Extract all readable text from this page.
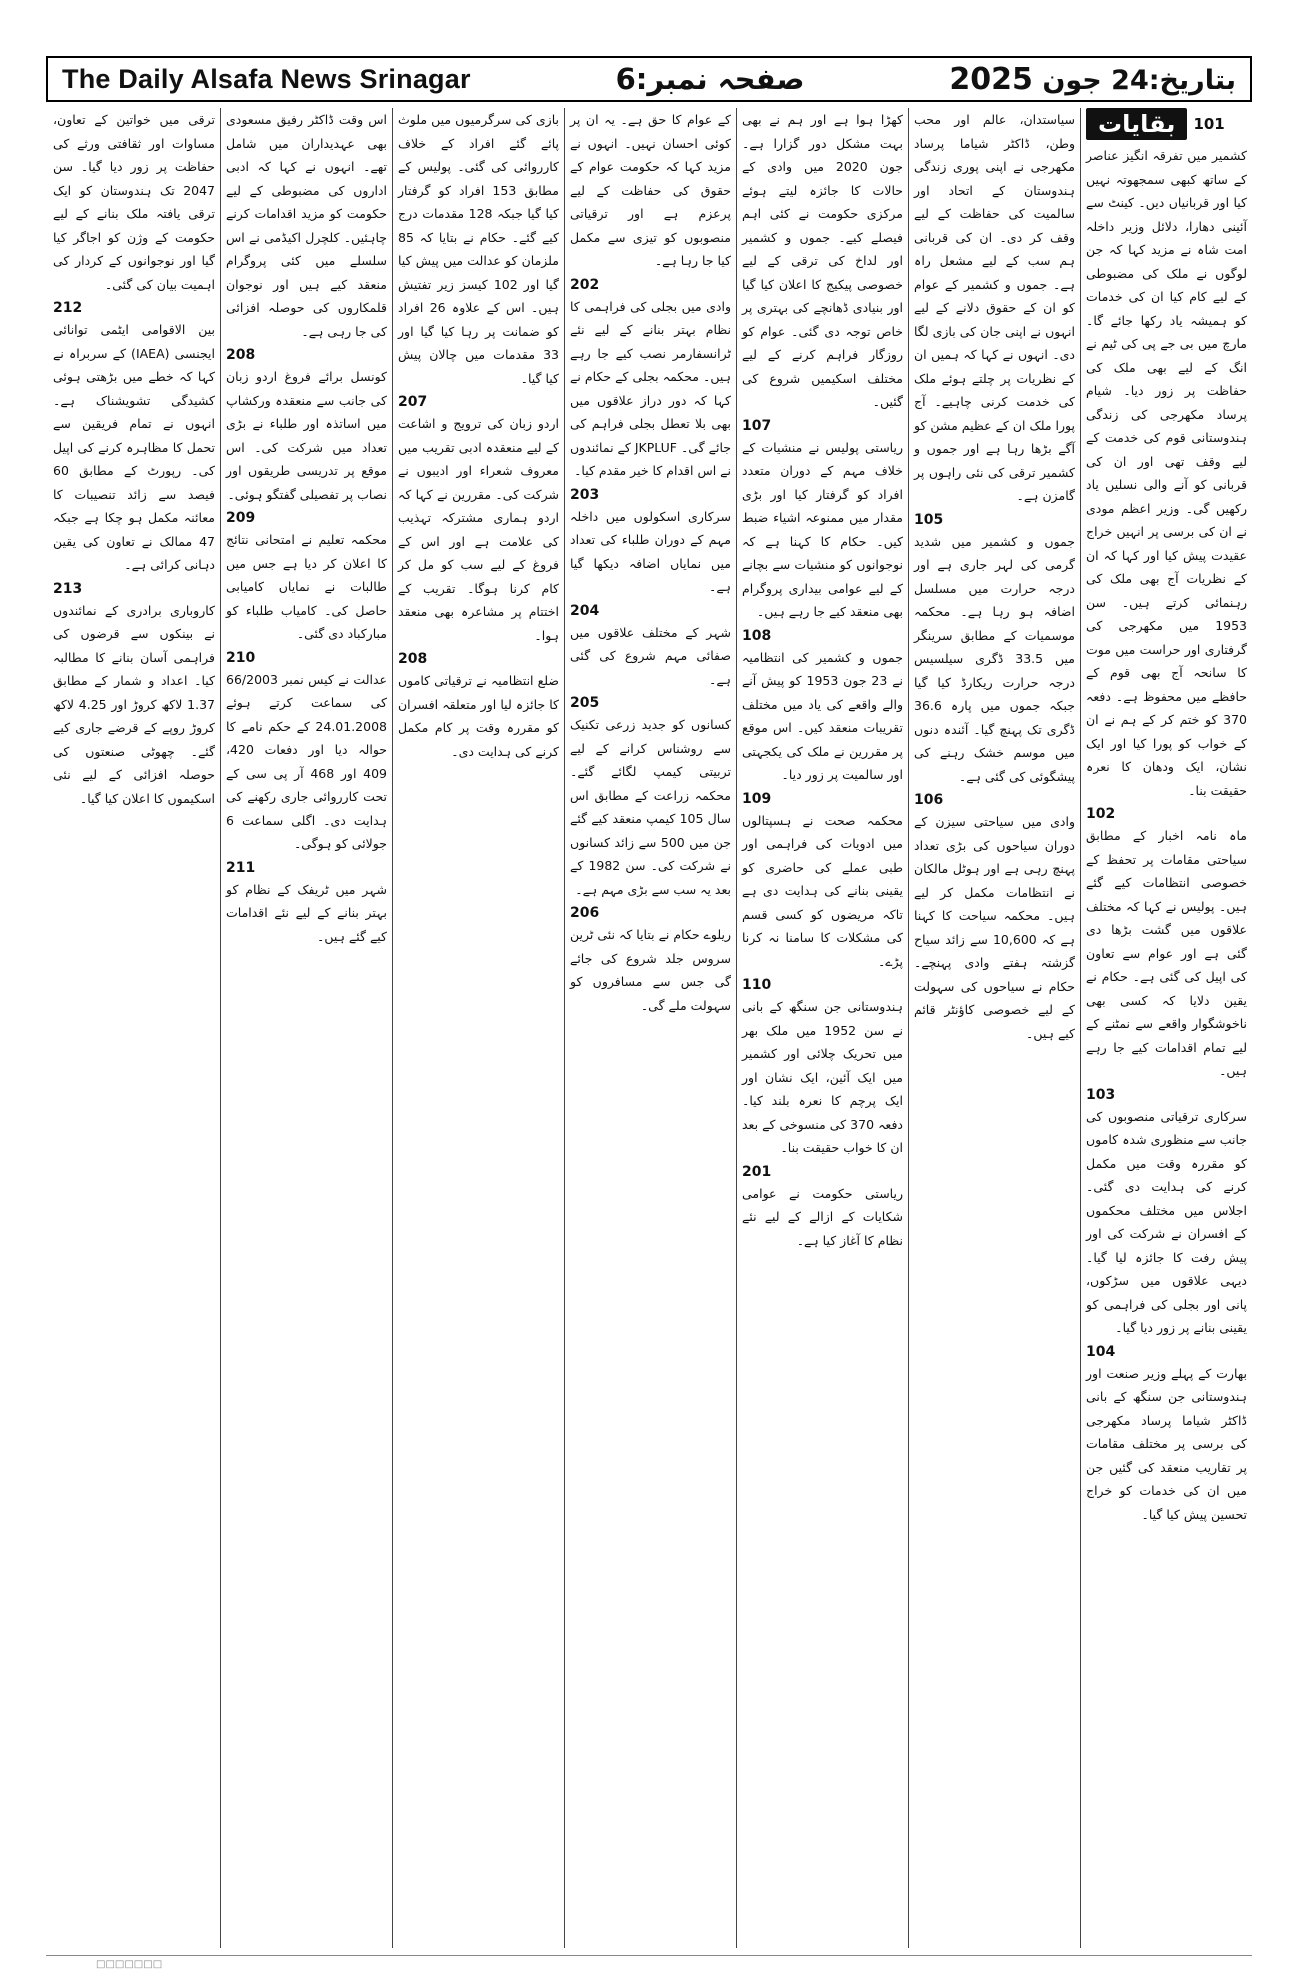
The Daily Alsafa News Srinagar	صفحہ نمبر:6	بتاریخ:24 جون 2025
بقایات	101

کشمیر میں تفرقہ انگیز عناصر کے ساتھ کبھی سمجھوتہ نہیں کیا اور قربانیاں دیں۔ کینٹ سے آئینی دھارا، دلائل وزیر داخلہ امت شاہ نے مزید کہا کہ جن لوگوں نے ملک کی مضبوطی کے لیے کام کیا ان کی خدمات کو ہمیشہ یاد رکھا جائے گا۔ مارچ میں بی جے پی کی ٹیم نے انگ کے لیے بھی ملک کی حفاظت پر زور دیا۔ شیام پرساد مکھرجی کی زندگی ہندوستانی قوم کی خدمت کے لیے وقف تھی اور ان کی قربانی کو آنے والی نسلیں یاد رکھیں گی۔ وزیر اعظم مودی نے ان کی برسی پر انہیں خراج عقیدت پیش کیا اور کہا کہ ان کے نظریات آج بھی ملک کی رہنمائی کرتے ہیں۔ سن 1953 میں مکھرجی کی گرفتاری اور حراست میں موت کا سانحہ آج بھی قوم کے حافظے میں محفوظ ہے۔ دفعہ 370 کو ختم کر کے ہم نے ان کے خواب کو پورا کیا اور ایک نشان، ایک ودھان کا نعرہ حقیقت بنا۔

102

ماہ نامہ اخبار کے مطابق سیاحتی مقامات پر تحفظ کے خصوصی انتظامات کیے گئے ہیں۔ پولیس نے کہا کہ مختلف علاقوں میں گشت بڑھا دی گئی ہے اور عوام سے تعاون کی اپیل کی گئی ہے۔ حکام نے یقین دلایا کہ کسی بھی ناخوشگوار واقعے سے نمٹنے کے لیے تمام اقدامات کیے جا رہے ہیں۔

103

سرکاری ترقیاتی منصوبوں کی جانب سے منظوری شدہ کاموں کو مقررہ وقت میں مکمل کرنے کی ہدایت دی گئی۔ اجلاس میں مختلف محکموں کے افسران نے شرکت کی اور پیش رفت کا جائزہ لیا گیا۔ دیہی علاقوں میں سڑکوں، پانی اور بجلی کی فراہمی کو یقینی بنانے پر زور دیا گیا۔

104

بھارت کے پہلے وزیر صنعت اور ہندوستانی جن سنگھ کے بانی ڈاکٹر شیاما پرساد مکھرجی کی برسی پر مختلف مقامات پر تقاریب منعقد کی گئیں جن میں ان کی خدمات کو خراج تحسین پیش کیا گیا۔

سیاستدان، عالم اور محب وطن، ڈاکٹر شیاما پرساد مکھرجی نے اپنی پوری زندگی ہندوستان کے اتحاد اور سالمیت کی حفاظت کے لیے وقف کر دی۔ ان کی قربانی ہم سب کے لیے مشعل راہ ہے۔ جموں و کشمیر کے عوام کو ان کے حقوق دلانے کے لیے انہوں نے اپنی جان کی بازی لگا دی۔ انہوں نے کہا کہ ہمیں ان کے نظریات پر چلتے ہوئے ملک کی خدمت کرنی چاہیے۔ آج پورا ملک ان کے عظیم مشن کو آگے بڑھا رہا ہے اور جموں و کشمیر ترقی کی نئی راہوں پر گامزن ہے۔

105

جموں و کشمیر میں شدید گرمی کی لہر جاری ہے اور درجہ حرارت میں مسلسل اضافہ ہو رہا ہے۔ محکمہ موسمیات کے مطابق سرینگر میں 33.5 ڈگری سیلسیس درجہ حرارت ریکارڈ کیا گیا جبکہ جموں میں پارہ 36.6 ڈگری تک پہنچ گیا۔ آئندہ دنوں میں موسم خشک رہنے کی پیشگوئی کی گئی ہے۔

106

وادی میں سیاحتی سیزن کے دوران سیاحوں کی بڑی تعداد پہنچ رہی ہے اور ہوٹل مالکان نے انتظامات مکمل کر لیے ہیں۔ محکمہ سیاحت کا کہنا ہے کہ 10,600 سے زائد سیاح گزشتہ ہفتے وادی پہنچے۔ حکام نے سیاحوں کی سہولت کے لیے خصوصی کاؤنٹر قائم کیے ہیں۔

کھڑا ہوا ہے اور ہم نے بھی بہت مشکل دور گزارا ہے۔ جون 2020 میں وادی کے حالات کا جائزہ لیتے ہوئے مرکزی حکومت نے کئی اہم فیصلے کیے۔ جموں و کشمیر اور لداخ کی ترقی کے لیے خصوصی پیکیج کا اعلان کیا گیا اور بنیادی ڈھانچے کی بہتری پر خاص توجہ دی گئی۔ عوام کو روزگار فراہم کرنے کے لیے مختلف اسکیمیں شروع کی گئیں۔

107

ریاستی پولیس نے منشیات کے خلاف مہم کے دوران متعدد افراد کو گرفتار کیا اور بڑی مقدار میں ممنوعہ اشیاء ضبط کیں۔ حکام کا کہنا ہے کہ نوجوانوں کو منشیات سے بچانے کے لیے عوامی بیداری پروگرام بھی منعقد کیے جا رہے ہیں۔

108

جموں و کشمیر کی انتظامیہ نے 23 جون 1953 کو پیش آنے والے واقعے کی یاد میں مختلف تقریبات منعقد کیں۔ اس موقع پر مقررین نے ملک کی یکجہتی اور سالمیت پر زور دیا۔

109

محکمہ صحت نے ہسپتالوں میں ادویات کی فراہمی اور طبی عملے کی حاضری کو یقینی بنانے کی ہدایت دی ہے تاکہ مریضوں کو کسی قسم کی مشکلات کا سامنا نہ کرنا پڑے۔

110

ہندوستانی جن سنگھ کے بانی نے سن 1952 میں ملک بھر میں تحریک چلائی اور کشمیر میں ایک آئین، ایک نشان اور ایک پرچم کا نعرہ بلند کیا۔ دفعہ 370 کی منسوخی کے بعد ان کا خواب حقیقت بنا۔

201

ریاستی حکومت نے عوامی شکایات کے ازالے کے لیے نئے نظام کا آغاز کیا ہے۔

کے عوام کا حق ہے۔ یہ ان پر کوئی احسان نہیں۔ انہوں نے مزید کہا کہ حکومت عوام کے حقوق کی حفاظت کے لیے پرعزم ہے اور ترقیاتی منصوبوں کو تیزی سے مکمل کیا جا رہا ہے۔

202

وادی میں بجلی کی فراہمی کا نظام بہتر بنانے کے لیے نئے ٹرانسفارمر نصب کیے جا رہے ہیں۔ محکمہ بجلی کے حکام نے کہا کہ دور دراز علاقوں میں بھی بلا تعطل بجلی فراہم کی جائے گی۔ JKPLUF کے نمائندوں نے اس اقدام کا خیر مقدم کیا۔

203

سرکاری اسکولوں میں داخلہ مہم کے دوران طلباء کی تعداد میں نمایاں اضافہ دیکھا گیا ہے۔

204

شہر کے مختلف علاقوں میں صفائی مہم شروع کی گئی ہے۔

205

کسانوں کو جدید زرعی تکنیک سے روشناس کرانے کے لیے تربیتی کیمپ لگائے گئے۔ محکمہ زراعت کے مطابق اس سال 105 کیمپ منعقد کیے گئے جن میں 500 سے زائد کسانوں نے شرکت کی۔ سن 1982 کے بعد یہ سب سے بڑی مہم ہے۔

206

ریلوے حکام نے بتایا کہ نئی ٹرین سروس جلد شروع کی جائے گی جس سے مسافروں کو سہولت ملے گی۔

بازی کی سرگرمیوں میں ملوث پائے گئے افراد کے خلاف کارروائی کی گئی۔ پولیس کے مطابق 153 افراد کو گرفتار کیا گیا جبکہ 128 مقدمات درج کیے گئے۔ حکام نے بتایا کہ 85 ملزمان کو عدالت میں پیش کیا گیا اور 102 کیسز زیر تفتیش ہیں۔ اس کے علاوہ 26 افراد کو ضمانت پر رہا کیا گیا اور 33 مقدمات میں چالان پیش کیا گیا۔

207

اردو زبان کی ترویج و اشاعت کے لیے منعقدہ ادبی تقریب میں معروف شعراء اور ادیبوں نے شرکت کی۔ مقررین نے کہا کہ اردو ہماری مشترکہ تہذیب کی علامت ہے اور اس کے فروغ کے لیے سب کو مل کر کام کرنا ہوگا۔ تقریب کے اختتام پر مشاعرہ بھی منعقد ہوا۔

208

ضلع انتظامیہ نے ترقیاتی کاموں کا جائزہ لیا اور متعلقہ افسران کو مقررہ وقت پر کام مکمل کرنے کی ہدایت دی۔

اس وقت ڈاکٹر رفیق مسعودی بھی عہدیداران میں شامل تھے۔ انہوں نے کہا کہ ادبی اداروں کی مضبوطی کے لیے حکومت کو مزید اقدامات کرنے چاہئیں۔ کلچرل اکیڈمی نے اس سلسلے میں کئی پروگرام منعقد کیے ہیں اور نوجوان قلمکاروں کی حوصلہ افزائی کی جا رہی ہے۔

208

کونسل برائے فروغ اردو زبان کی جانب سے منعقدہ ورکشاپ میں اساتذہ اور طلباء نے بڑی تعداد میں شرکت کی۔ اس موقع پر تدریسی طریقوں اور نصاب پر تفصیلی گفتگو ہوئی۔

209

محکمہ تعلیم نے امتحانی نتائج کا اعلان کر دیا ہے جس میں طالبات نے نمایاں کامیابی حاصل کی۔ کامیاب طلباء کو مبارکباد دی گئی۔

210

عدالت نے کیس نمبر 66/2003 کی سماعت کرتے ہوئے 24.01.2008 کے حکم نامے کا حوالہ دیا اور دفعات 420، 409 اور 468 آر پی سی کے تحت کارروائی جاری رکھنے کی ہدایت دی۔ اگلی سماعت 6 جولائی کو ہوگی۔

211

شہر میں ٹریفک کے نظام کو بہتر بنانے کے لیے نئے اقدامات کیے گئے ہیں۔

ترقی میں خواتین کے تعاون، مساوات اور ثقافتی ورثے کی حفاظت پر زور دیا گیا۔ سن 2047 تک ہندوستان کو ایک ترقی یافتہ ملک بنانے کے لیے حکومت کے وژن کو اجاگر کیا گیا اور نوجوانوں کے کردار کی اہمیت بیان کی گئی۔

212

بین الاقوامی ایٹمی توانائی ایجنسی (IAEA) کے سربراہ نے کہا کہ خطے میں بڑھتی ہوئی کشیدگی تشویشناک ہے۔ انہوں نے تمام فریقین سے تحمل کا مظاہرہ کرنے کی اپیل کی۔ رپورٹ کے مطابق 60 فیصد سے زائد تنصیبات کا معائنہ مکمل ہو چکا ہے جبکہ 47 ممالک نے تعاون کی یقین دہانی کرائی ہے۔

213

کاروباری برادری کے نمائندوں نے بینکوں سے قرضوں کی فراہمی آسان بنانے کا مطالبہ کیا۔ اعداد و شمار کے مطابق 1.37 لاکھ کروڑ اور 4.25 لاکھ کروڑ روپے کے قرضے جاری کیے گئے۔ چھوٹی صنعتوں کی حوصلہ افزائی کے لیے نئی اسکیموں کا اعلان کیا گیا۔

□□□□□□□
